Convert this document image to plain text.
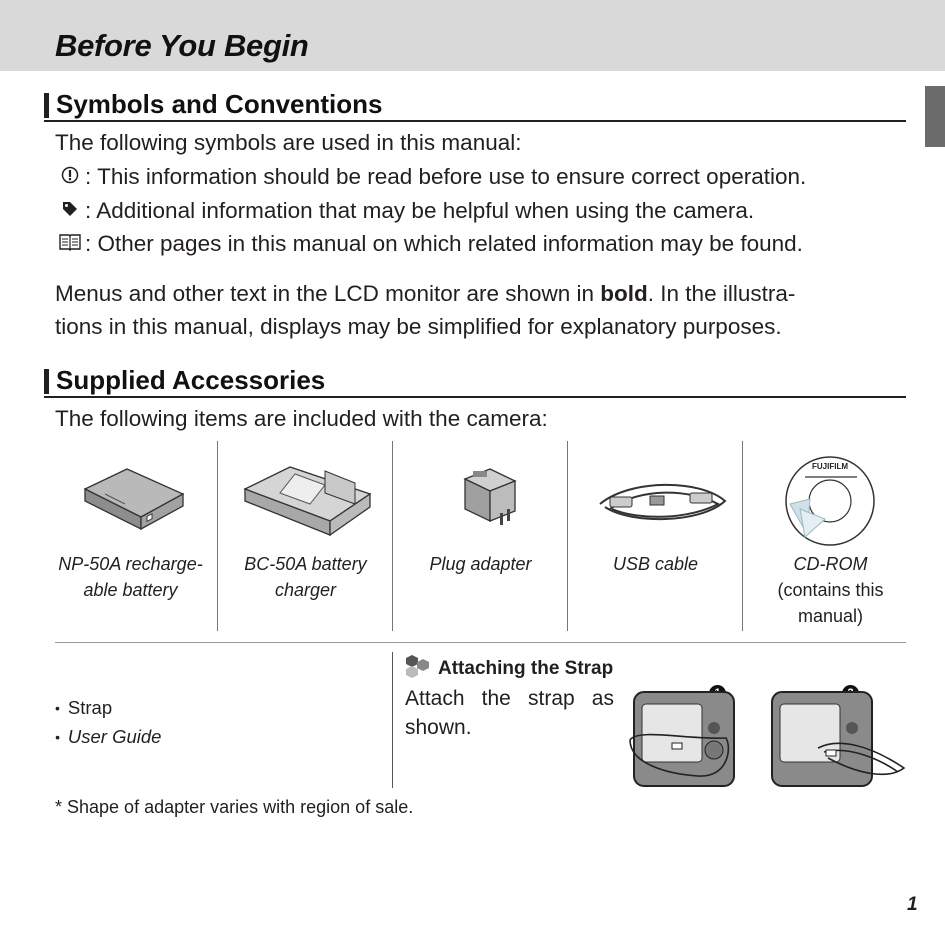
Before You Begin
Symbols and Conventions
The following symbols are used in this manual:
: This information should be read before use to ensure correct operation.
: Additional information that may be helpful when using the camera.
: Other pages in this manual on which related information may be found.
Menus and other text in the LCD monitor are shown in bold. In the illustra-
tions in this manual, displays may be simplified for explanatory purposes.
Supplied Accessories
The following items are included with the camera:
NP-50A recharge-
able battery
BC-50A battery
charger
Plug adapter	USB cable
FUJIFILM
CD-ROM
(contains this
manual)
• Strap
• User Guide
Attaching the Strap
Attach the strap as shown.
* Shape of adapter varies with region of sale.
1
